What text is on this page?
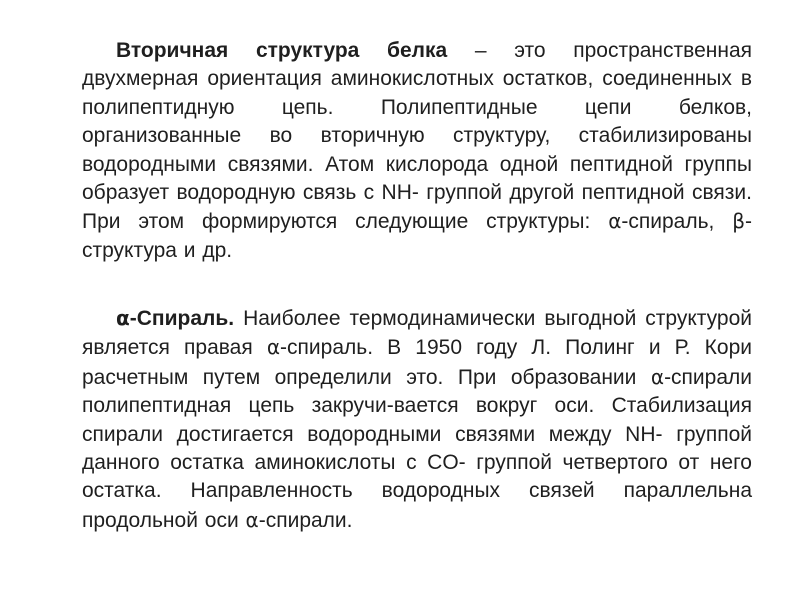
Вторичная структура белка – это пространственная двухмерная ориентация аминокислотных остатков, соединенных в полипептидную цепь. Полипептидные цепи белков, организованные во вторичную структуру, стабилизированы водородными связями. Атом кислорода одной пептидной группы образует водородную связь с NH- группой другой пептидной связи. При этом формируются следующие структуры: α-спираль, β-структура и др.

α-Спираль. Наиболее термодинамически выгодной структурой является правая α-спираль. В 1950 году Л. Полинг и Р. Кори расчетным путем определили это. При образовании α-спирали полипептидная цепь закручи-вается вокруг оси. Стабилизация спирали достигается водородными связями между NH- группой данного остатка аминокислоты с CO- группой четвертого от него остатка. Направленность водородных связей параллельна продольной оси α-спирали.
